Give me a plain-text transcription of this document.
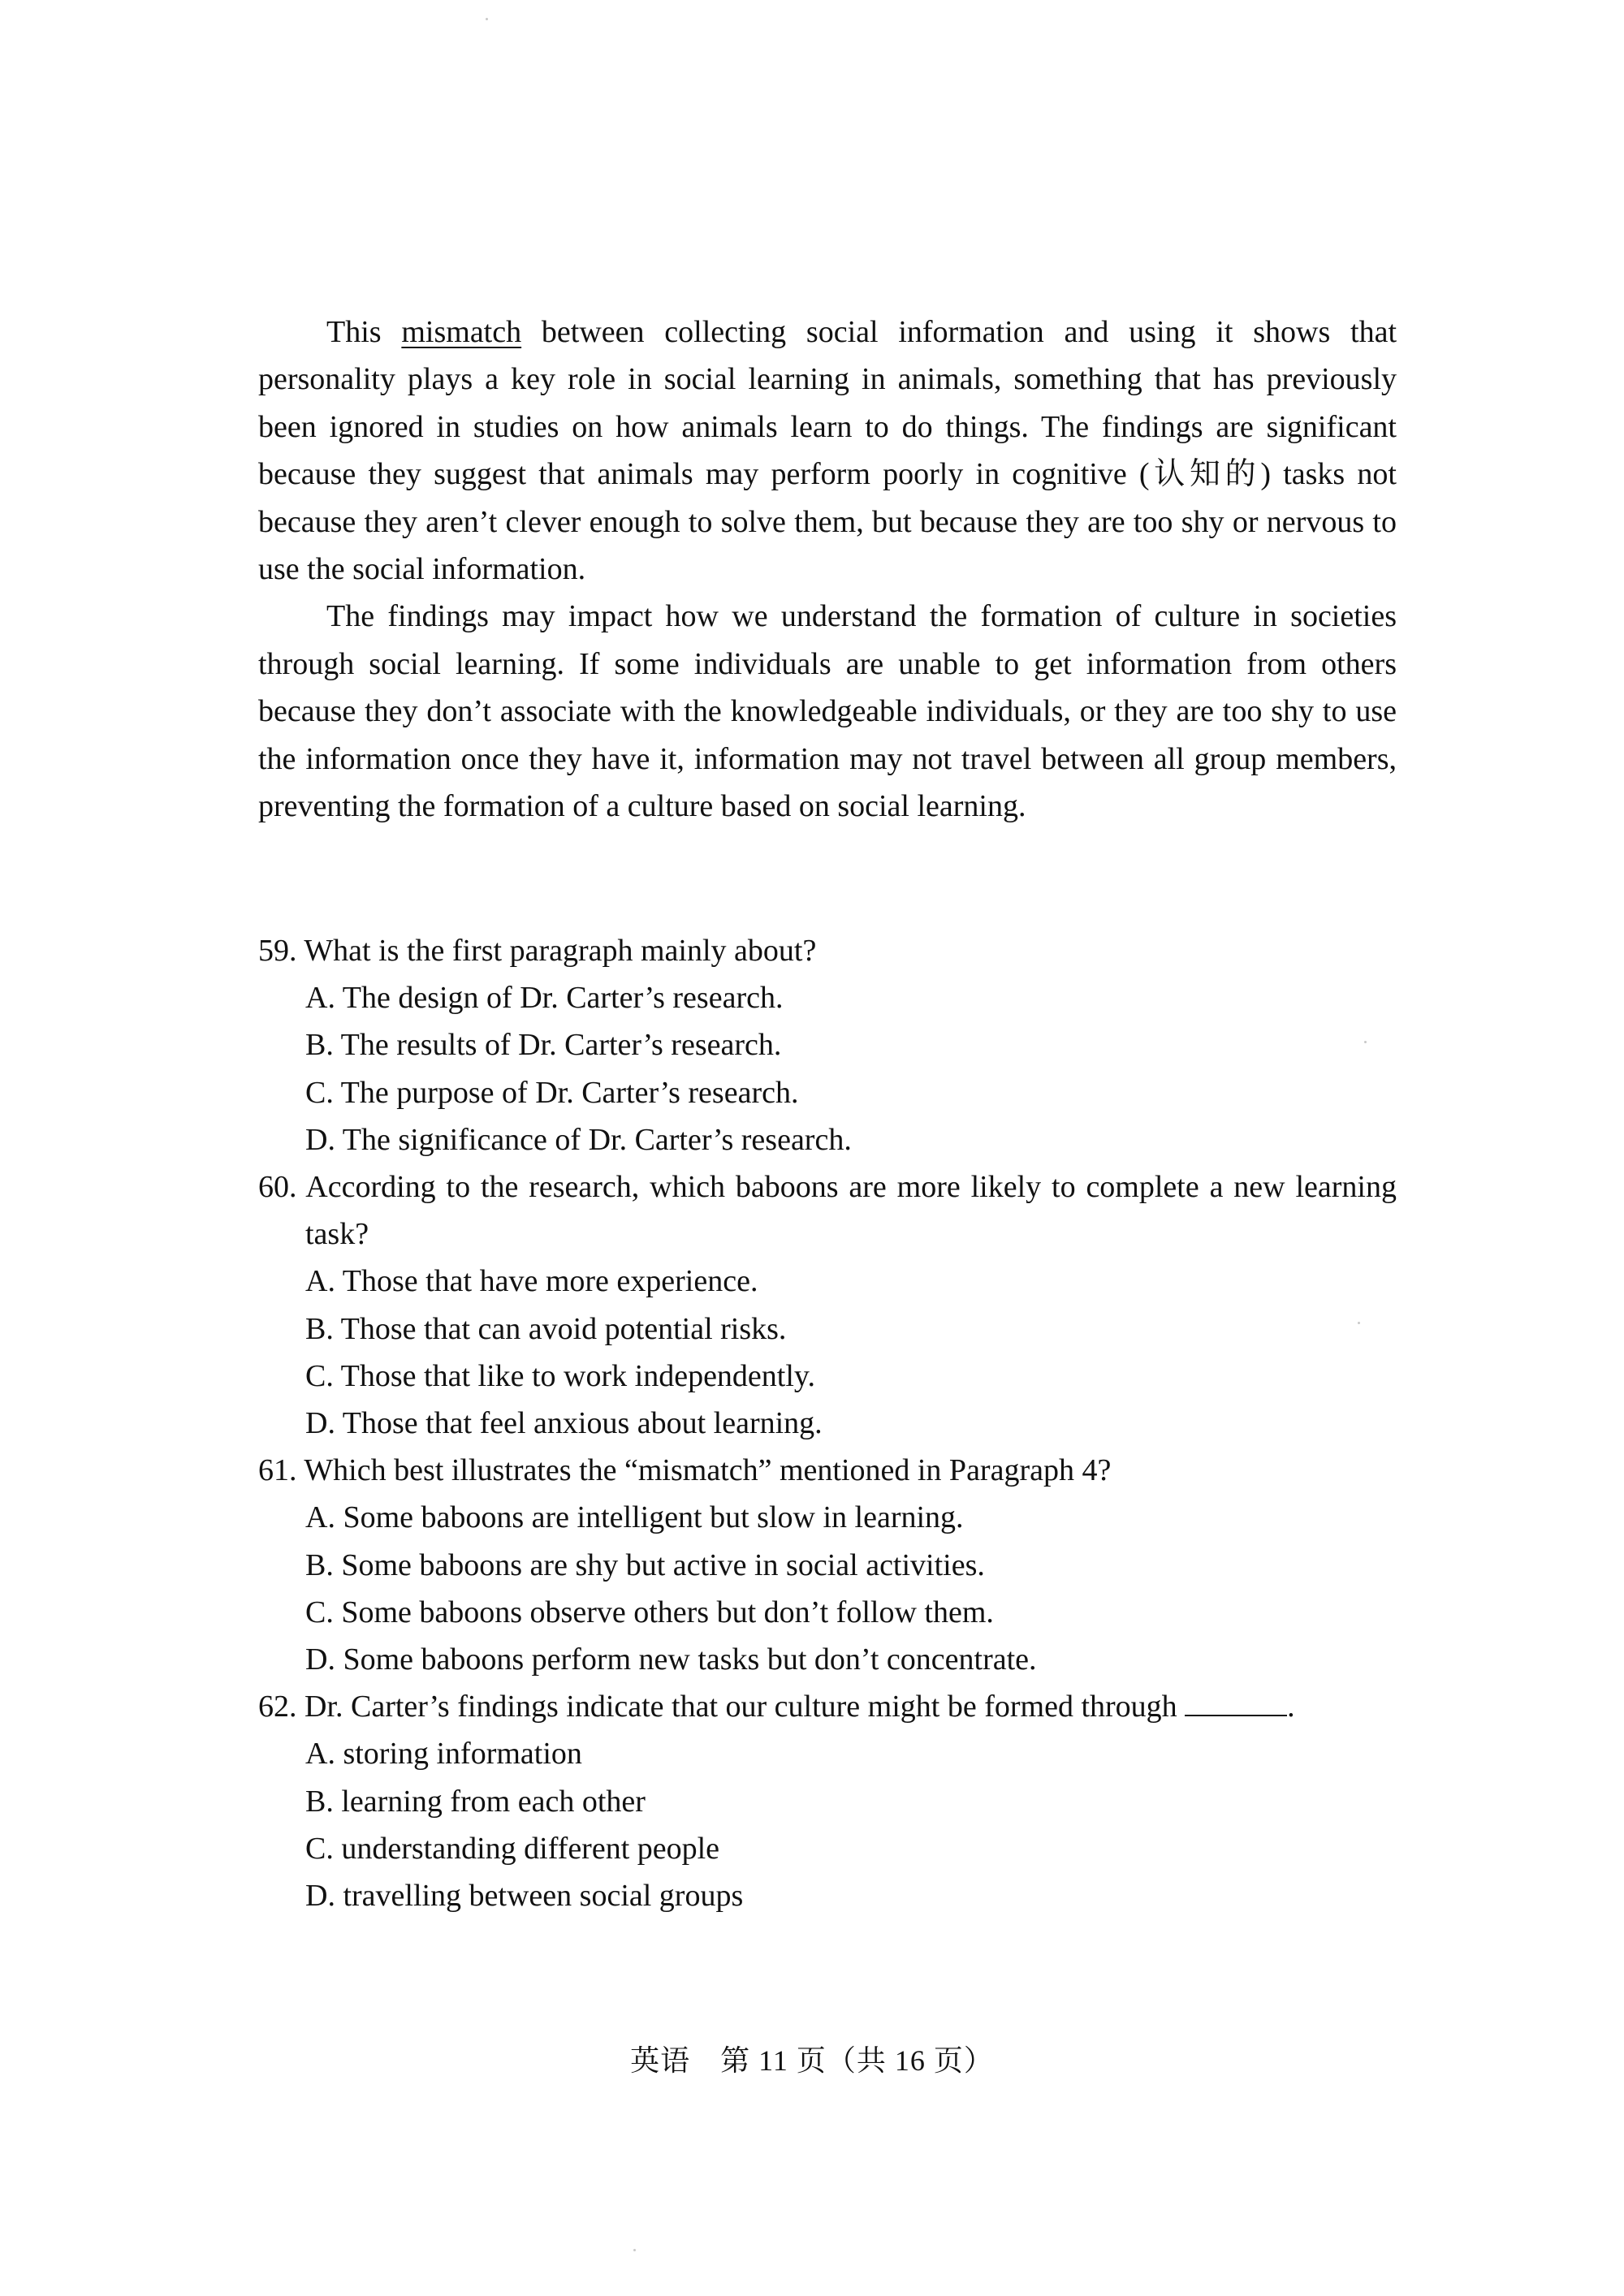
This mismatch between collecting social information and using it shows that personality plays a key role in social learning in animals, something that has previously been ignored in studies on how animals learn to do things. The findings are significant because they suggest that animals may perform poorly in cognitive (认知的) tasks not because they aren’t clever enough to solve them, but because they are too shy or nervous to use the social information.

The findings may impact how we understand the formation of culture in societies through social learning. If some individuals are unable to get information from others because they don’t associate with the knowledgeable individuals, or they are too shy to use the information once they have it, information may not travel between all group members, preventing the formation of a culture based on social learning.

59. What is the first paragraph mainly about?

A. The design of Dr. Carter’s research.

B. The results of Dr. Carter’s research.

C. The purpose of Dr. Carter’s research.

D. The significance of Dr. Carter’s research.

60. According to the research, which baboons are more likely to complete a new learning task?

A. Those that have more experience.

B. Those that can avoid potential risks.

C. Those that like to work independently.

D. Those that feel anxious about learning.

61. Which best illustrates the “mismatch” mentioned in Paragraph 4?

A. Some baboons are intelligent but slow in learning.

B. Some baboons are shy but active in social activities.

C. Some baboons observe others but don’t follow them.

D. Some baboons perform new tasks but don’t concentrate.

62. Dr. Carter’s findings indicate that our culture might be formed through	.

A. storing information

B. learning from each other

C. understanding different people

D. travelling between social groups

英语　第 11 页（共 16 页）
